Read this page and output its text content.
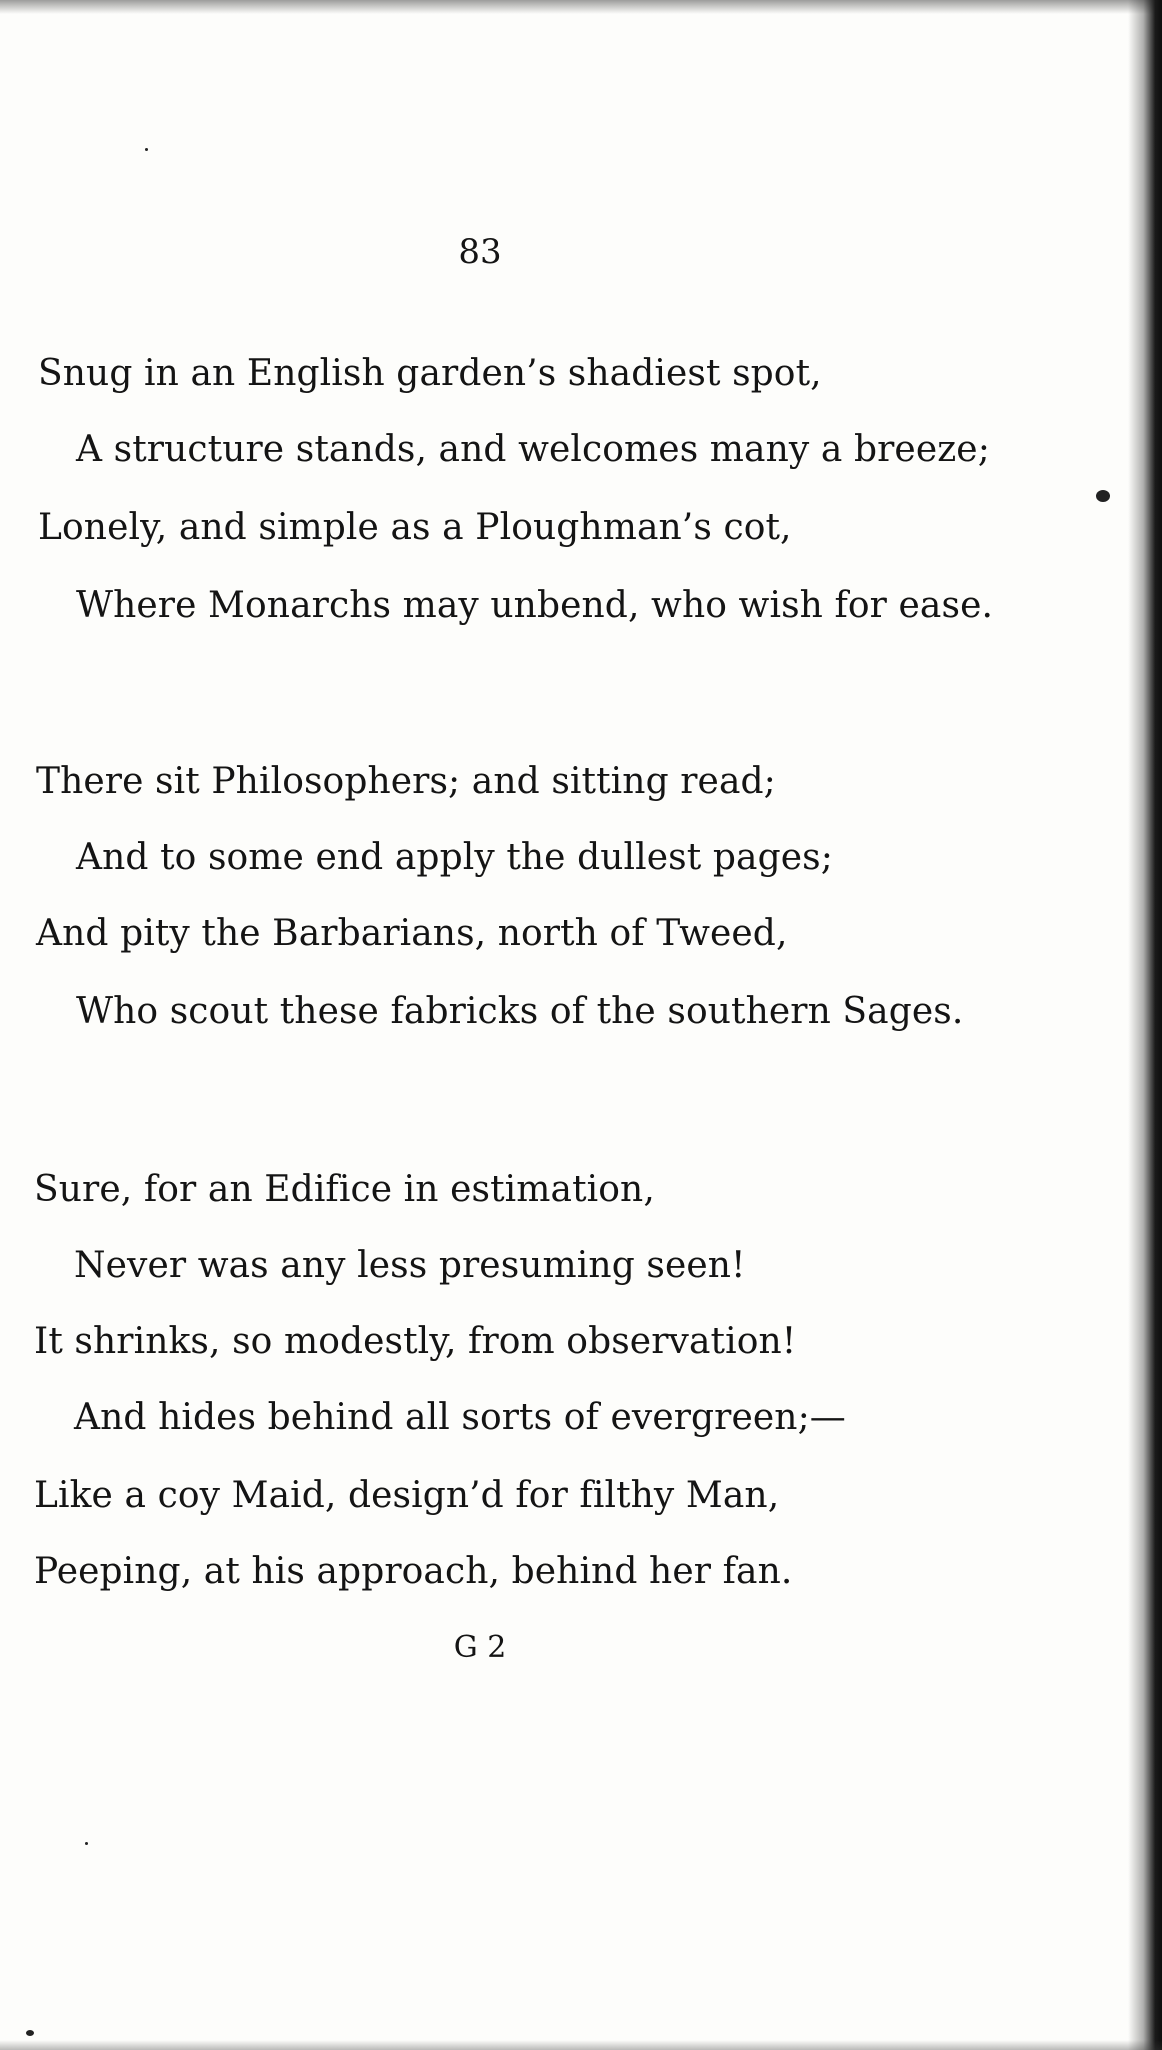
83
Snug in an English garden’s shadiest spot,
A structure stands, and welcomes many a breeze;
Lonely, and simple as a Ploughman’s cot,
Where Monarchs may unbend, who wish for ease.
There sit Philosophers; and sitting read;
And to some end apply the dullest pages;
And pity the Barbarians, north of Tweed,
Who scout these fabricks of the southern Sages.
Sure, for an Edifice in estimation,
Never was any less presuming seen!
It shrinks, so modestly, from observation!
And hides behind all sorts of evergreen;—
Like a coy Maid, design’d for filthy Man,
Peeping, at his approach, behind her fan.
G 2
